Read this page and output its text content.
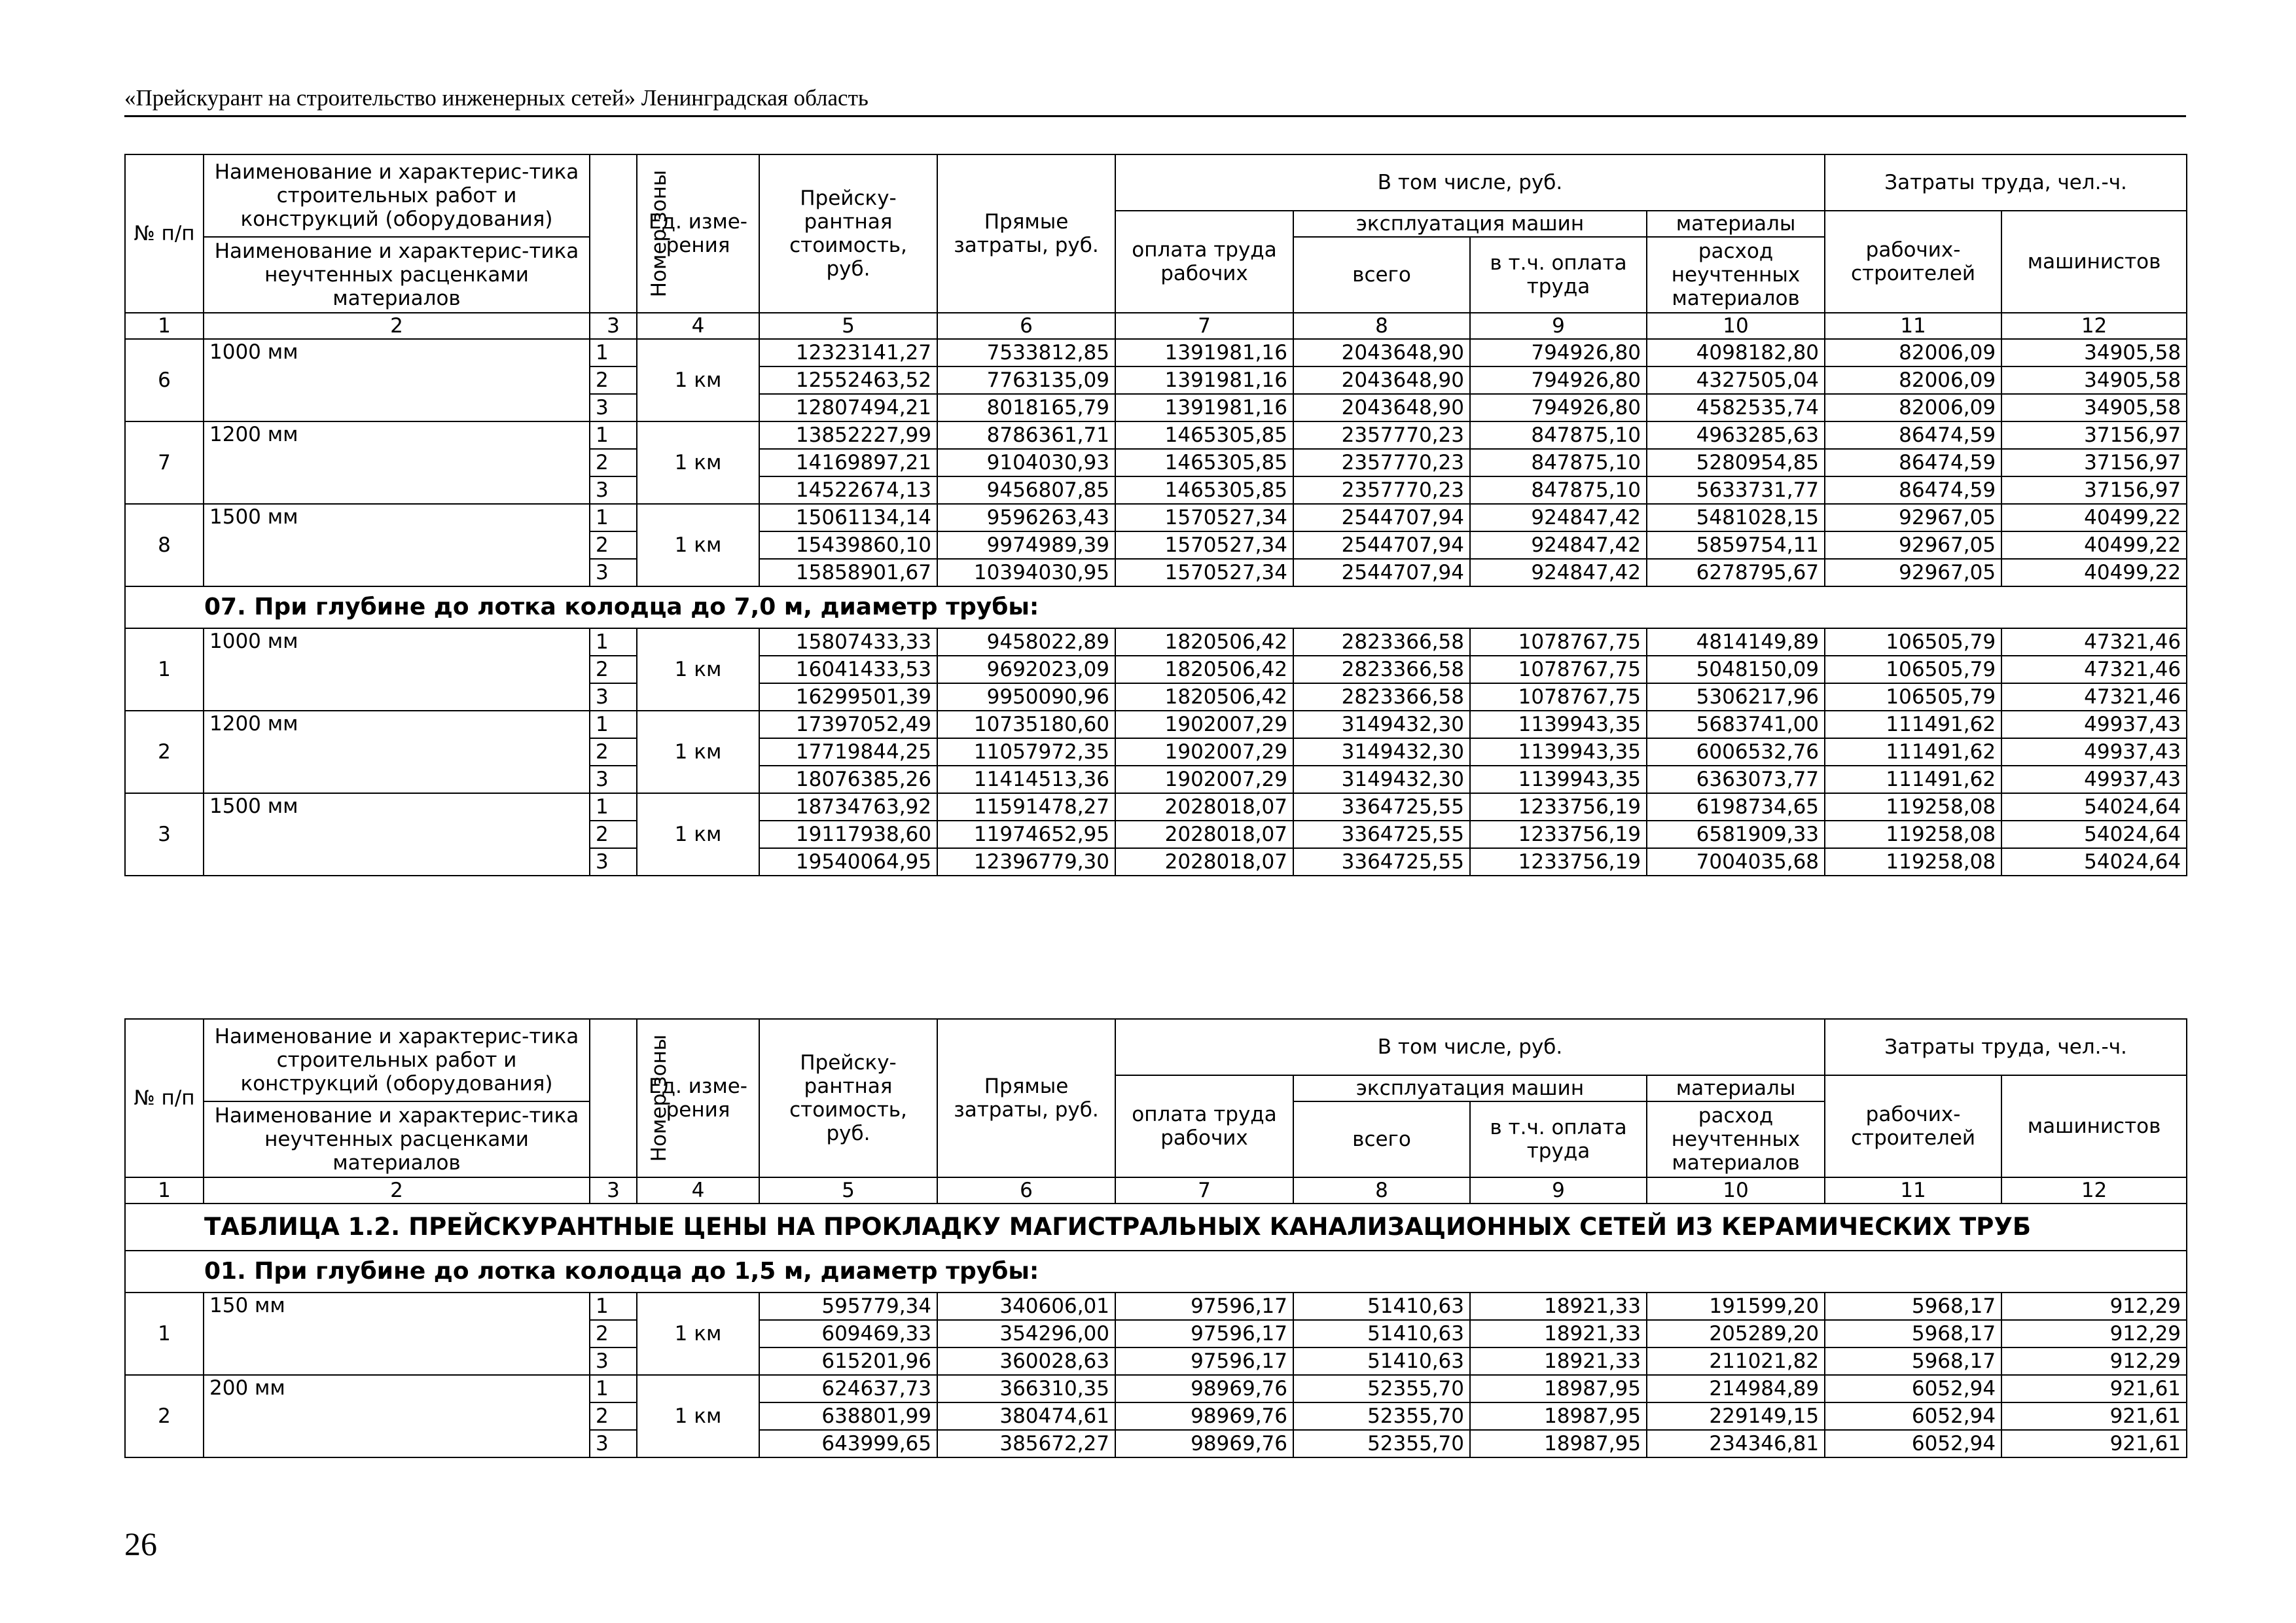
«Прейскурант на строительство инженерных сетей» Ленинградская область
№ п/п	Наименование и характерис-тика строительных работ и конструкций (оборудования)	Номер зоны	Ед. изме-рения	Прейску-рантная стоимость, руб.	Прямые затраты, руб.	В том числе, руб.				Затраты труда, чел.-ч.	
						оплата труда рабочих	эксплуатация машин		материалы	рабочих-строителей	машинистов
	Наименование и характерис-тика неучтенных расценками материалов						всего	в т.ч. оплата труда	расход неучтенных материалов		

1	2	3	4	5	6	7	8	9	10	11	12
6	1000 мм	1	1 км	12323141,27	7533812,85	1391981,16	2043648,90	794926,80	4098182,80	82006,09	34905,58
		2		12552463,52	7763135,09	1391981,16	2043648,90	794926,80	4327505,04	82006,09	34905,58
		3		12807494,21	8018165,79	1391981,16	2043648,90	794926,80	4582535,74	82006,09	34905,58
7	1200 мм	1	1 км	13852227,99	8786361,71	1465305,85	2357770,23	847875,10	4963285,63	86474,59	37156,97
		2		14169897,21	9104030,93	1465305,85	2357770,23	847875,10	5280954,85	86474,59	37156,97
		3		14522674,13	9456807,85	1465305,85	2357770,23	847875,10	5633731,77	86474,59	37156,97
8	1500 мм	1	1 км	15061134,14	9596263,43	1570527,34	2544707,94	924847,42	5481028,15	92967,05	40499,22
		2		15439860,10	9974989,39	1570527,34	2544707,94	924847,42	5859754,11	92967,05	40499,22
		3		15858901,67	10394030,95	1570527,34	2544707,94	924847,42	6278795,67	92967,05	40499,22
07. При глубине до лотка колодца до 7,0 м, диаметр трубы:											
1	1000 мм	1	1 км	15807433,33	9458022,89	1820506,42	2823366,58	1078767,75	4814149,89	106505,79	47321,46
		2		16041433,53	9692023,09	1820506,42	2823366,58	1078767,75	5048150,09	106505,79	47321,46
		3		16299501,39	9950090,96	1820506,42	2823366,58	1078767,75	5306217,96	106505,79	47321,46
2	1200 мм	1	1 км	17397052,49	10735180,60	1902007,29	3149432,30	1139943,35	5683741,00	111491,62	49937,43
		2		17719844,25	11057972,35	1902007,29	3149432,30	1139943,35	6006532,76	111491,62	49937,43
		3		18076385,26	11414513,36	1902007,29	3149432,30	1139943,35	6363073,77	111491,62	49937,43
3	1500 мм	1	1 км	18734763,92	11591478,27	2028018,07	3364725,55	1233756,19	6198734,65	119258,08	54024,64
		2		19117938,60	11974652,95	2028018,07	3364725,55	1233756,19	6581909,33	119258,08	54024,64
		3		19540064,95	12396779,30	2028018,07	3364725,55	1233756,19	7004035,68	119258,08	54024,64
№ п/п	Наименование и характерис-тика строительных работ и конструкций (оборудования)	Номер зоны	Ед. изме-рения	Прейску-рантная стоимость, руб.	Прямые затраты, руб.	В том числе, руб.				Затраты труда, чел.-ч.	
						оплата труда рабочих	эксплуатация машин		материалы	рабочих-строителей	машинистов
	Наименование и характерис-тика неучтенных расценками материалов						всего	в т.ч. оплата труда	расход неучтенных материалов		

1	2	3	4	5	6	7	8	9	10	11	12
ТАБЛИЦА 1.2. ПРЕЙСКУРАНТНЫЕ ЦЕНЫ НА ПРОКЛАДКУ МАГИСТРАЛЬНЫХ КАНАЛИЗАЦИОННЫХ СЕТЕЙ ИЗ КЕРАМИЧЕСКИХ ТРУБ											
01. При глубине до лотка колодца до 1,5 м, диаметр трубы:											
1	150 мм	1	1 км	595779,34	340606,01	97596,17	51410,63	18921,33	191599,20	5968,17	912,29
		2		609469,33	354296,00	97596,17	51410,63	18921,33	205289,20	5968,17	912,29
		3		615201,96	360028,63	97596,17	51410,63	18921,33	211021,82	5968,17	912,29
2	200 мм	1	1 км	624637,73	366310,35	98969,76	52355,70	18987,95	214984,89	6052,94	921,61
		2		638801,99	380474,61	98969,76	52355,70	18987,95	229149,15	6052,94	921,61
		3		643999,65	385672,27	98969,76	52355,70	18987,95	234346,81	6052,94	921,61
26
